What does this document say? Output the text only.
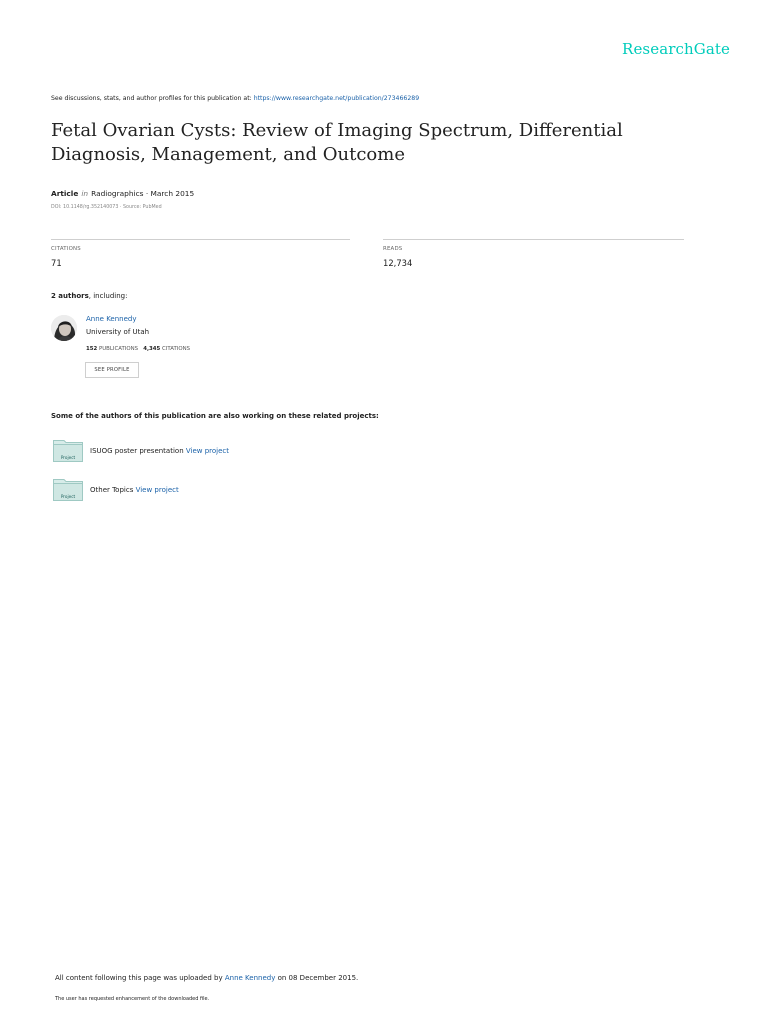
ResearchGate
See discussions, stats, and author profiles for this publication at: https://www.researchgate.net/publication/273466289
Fetal Ovarian Cysts: Review of Imaging Spectrum, Differential Diagnosis, Management, and Outcome
Article in Radiographics · March 2015
DOI: 10.1148/rg.352140073 · Source: PubMed
CITATIONS
71
READS
12,734
2 authors, including:
Anne Kennedy
University of Utah
152 PUBLICATIONS 4,345 CITATIONS
SEE PROFILE
Some of the authors of this publication are also working on these related projects:
Project
ISUOG poster presentation View project
Project
Other Topics View project
All content following this page was uploaded by Anne Kennedy on 08 December 2015.
The user has requested enhancement of the downloaded file.
